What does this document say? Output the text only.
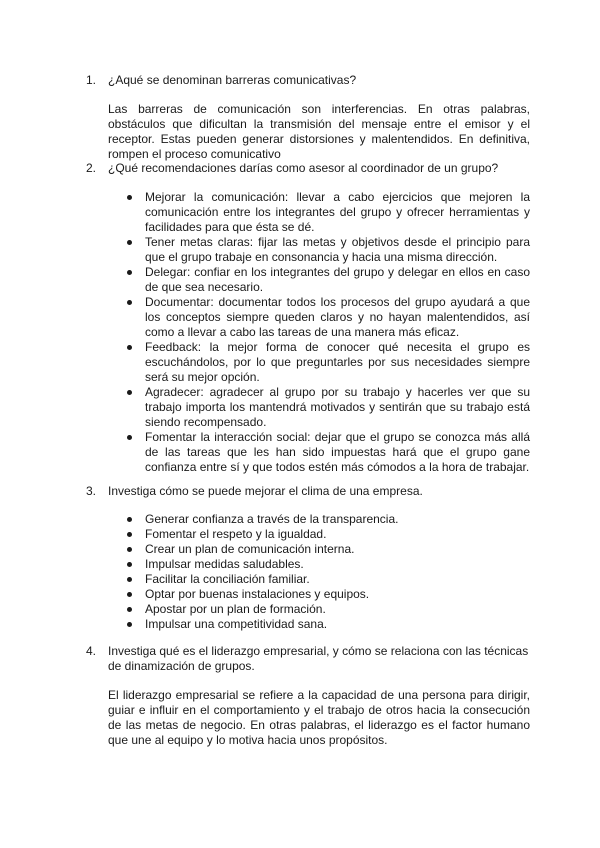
1. ¿Aqué se denominan barreras comunicativas?
Las barreras de comunicación son interferencias. En otras palabras, obstáculos que dificultan la transmisión del mensaje entre el emisor y el receptor. Estas pueden generar distorsiones y malentendidos. En definitiva, rompen el proceso comunicativo
2. ¿Qué recomendaciones darías como asesor al coordinador de un grupo?
Mejorar la comunicación: llevar a cabo ejercicios que mejoren la comunicación entre los integrantes del grupo y ofrecer herramientas y facilidades para que ésta se dé.
Tener metas claras: fijar las metas y objetivos desde el principio para que el grupo trabaje en consonancia y hacia una misma dirección.
Delegar: confiar en los integrantes del grupo y delegar en ellos en caso de que sea necesario.
Documentar: documentar todos los procesos del grupo ayudará a que los conceptos siempre queden claros y no hayan malentendidos, así como a llevar a cabo las tareas de una manera más eficaz.
Feedback: la mejor forma de conocer qué necesita el grupo es escuchándolos, por lo que preguntarles por sus necesidades siempre será su mejor opción.
Agradecer: agradecer al grupo por su trabajo y hacerles ver que su trabajo importa los mantendrá motivados y sentirán que su trabajo está siendo recompensado.
Fomentar la interacción social: dejar que el grupo se conozca más allá de las tareas que les han sido impuestas hará que el grupo gane confianza entre sí y que todos estén más cómodos a la hora de trabajar.
3. Investiga cómo se puede mejorar el clima de una empresa.
Generar confianza a través de la transparencia.
Fomentar el respeto y la igualdad.
Crear un plan de comunicación interna.
Impulsar medidas saludables.
Facilitar la conciliación familiar.
Optar por buenas instalaciones y equipos.
Apostar por un plan de formación.
Impulsar una competitividad sana.
4. Investiga qué es el liderazgo empresarial, y cómo se relaciona con las técnicas de dinamización de grupos.
El liderazgo empresarial se refiere a la capacidad de una persona para dirigir, guiar e influir en el comportamiento y el trabajo de otros hacia la consecución de las metas de negocio. En otras palabras, el liderazgo es el factor humano que une al equipo y lo motiva hacia unos propósitos.
